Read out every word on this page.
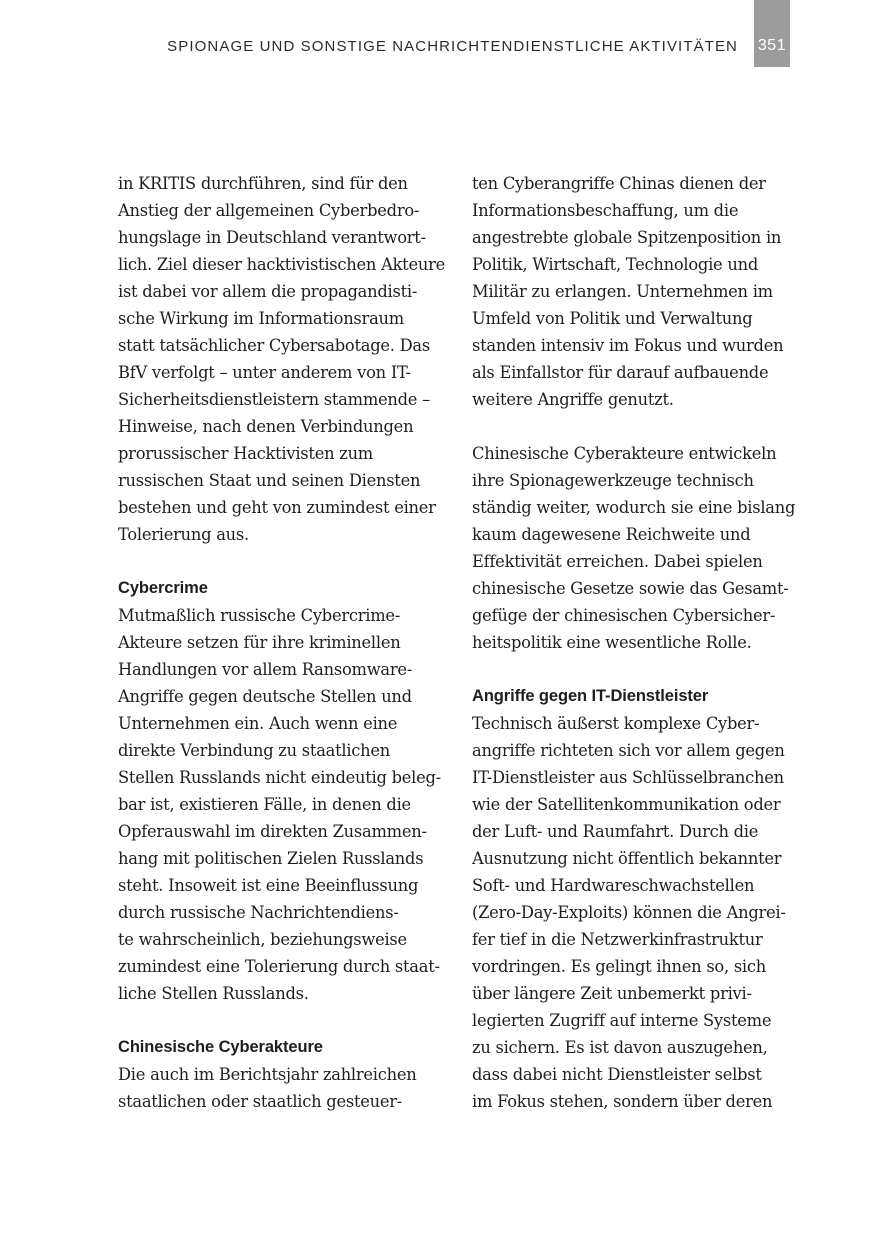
SPIONAGE UND SONSTIGE NACHRICHTENDIENSTLICHE AKTIVITÄTEN 351
in KRITIS durchführen, sind für den
Anstieg der allgemeinen Cyberbedro-
hungslage in Deutschland verantwort-
lich. Ziel dieser hacktivistischen Akteure
ist dabei vor allem die propagandisti-
sche Wirkung im Informationsraum
statt tatsächlicher Cybersabotage. Das
BfV verfolgt – unter anderem von IT-
Sicherheitsdienstleistern stammende –
Hinweise, nach denen Verbindungen
prorussischer Hacktivisten zum
russischen Staat und seinen Diensten
bestehen und geht von zumindest einer
Tolerierung aus.
Cybercrime
Mutmaßlich russische Cybercrime-
Akteure setzen für ihre kriminellen
Handlungen vor allem Ransomware-
Angriffe gegen deutsche Stellen und
Unternehmen ein. Auch wenn eine
direkte Verbindung zu staatlichen
Stellen Russlands nicht eindeutig beleg-
bar ist, existieren Fälle, in denen die
Opferauswahl im direkten Zusammen-
hang mit politischen Zielen Russlands
steht. Insoweit ist eine Beeinflussung
durch russische Nachrichtendiens-
te wahrscheinlich, beziehungsweise
zumindest eine Tolerierung durch staat-
liche Stellen Russlands.
Chinesische Cyberakteure
Die auch im Berichtsjahr zahlreichen
staatlichen oder staatlich gesteuer-
ten Cyberangriffe Chinas dienen der
Informationsbeschaffung, um die
angestrebte globale Spitzenposition in
Politik, Wirtschaft, Technologie und
Militär zu erlangen. Unternehmen im
Umfeld von Politik und Verwaltung
standen intensiv im Fokus und wurden
als Einfallstor für darauf aufbauende
weitere Angriffe genutzt.
Chinesische Cyberakteure entwickeln
ihre Spionagewerkzeuge technisch
ständig weiter, wodurch sie eine bislang
kaum dagewesene Reichweite und
Effektivität erreichen. Dabei spielen
chinesische Gesetze sowie das Gesamt-
gefüge der chinesischen Cybersicher-
heitspolitik eine wesentliche Rolle.
Angriffe gegen IT-Dienstleister
Technisch äußerst komplexe Cyber-
angriffe richteten sich vor allem gegen
IT-Dienstleister aus Schlüsselbranchen
wie der Satellitenkommunikation oder
der Luft- und Raumfahrt. Durch die
Ausnutzung nicht öffentlich bekannter
Soft- und Hardwareschwachstellen
(Zero-Day-Exploits) können die Angrei-
fer tief in die Netzwerkinfrastruktur
vordringen. Es gelingt ihnen so, sich
über längere Zeit unbemerkt privi-
legierten Zugriff auf interne Systeme
zu sichern. Es ist davon auszugehen,
dass dabei nicht Dienstleister selbst
im Fokus stehen, sondern über deren
